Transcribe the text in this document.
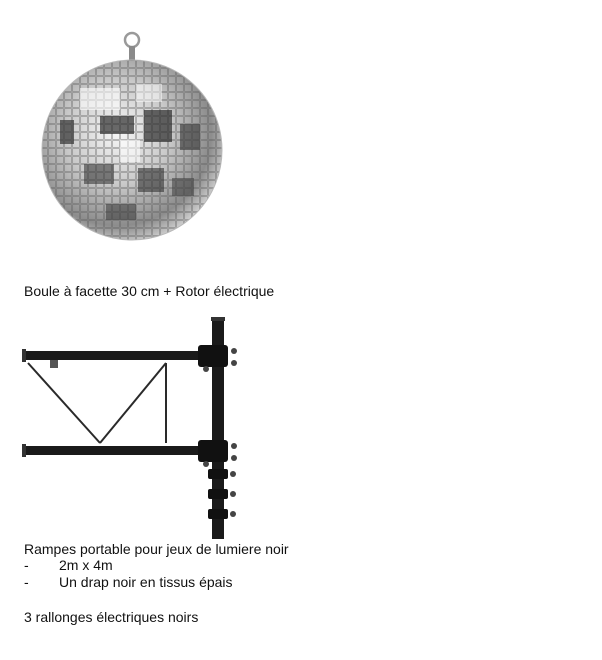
Boule à facette 30 cm + Rotor électrique
Rampes portable pour jeux de lumiere noir
-	2m x 4m
-	Un drap noir en tissus épais
3 rallonges électriques noirs
